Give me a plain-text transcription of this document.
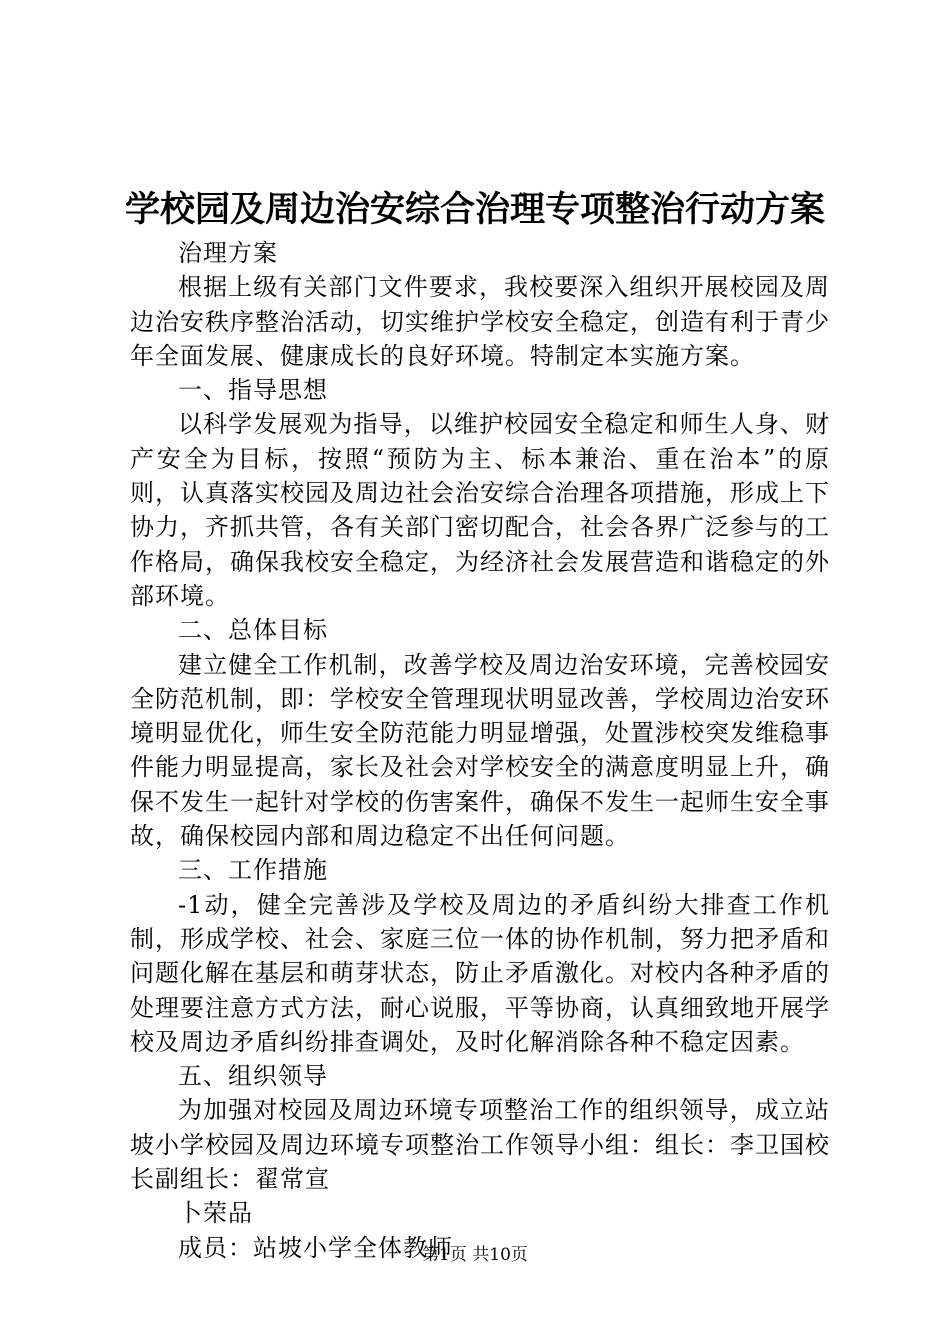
学校园及周边治安综合治理专项整治行动方案

治理方案

根据上级有关部门文件要求，我校要深入组织开展校园及周边治安秩序整治活动，切实维护学校安全稳定，创造有利于青少年全面发展、健康成长的良好环境。特制定本实施方案。

一、指导思想

以科学发展观为指导，以维护校园安全稳定和师生人身、财产安全为目标，按照“预防为主、标本兼治、重在治本”的原则，认真落实校园及周边社会治安综合治理各项措施，形成上下协力，齐抓共管，各有关部门密切配合，社会各界广泛参与的工作格局，确保我校安全稳定，为经济社会发展营造和谐稳定的外部环境。

二、总体目标

建立健全工作机制，改善学校及周边治安环境，完善校园安全防范机制，即：学校安全管理现状明显改善，学校周边治安环境明显优化，师生安全防范能力明显增强，处置涉校突发维稳事件能力明显提高，家长及社会对学校安全的满意度明显上升，确保不发生一起针对学校的伤害案件，确保不发生一起师生安全事故，确保校园内部和周边稳定不出任何问题。

三、工作措施

-1动，健全完善涉及学校及周边的矛盾纠纷大排查工作机制，形成学校、社会、家庭三位一体的协作机制，努力把矛盾和问题化解在基层和萌芽状态，防止矛盾激化。对校内各种矛盾的处理要注意方式方法，耐心说服，平等协商，认真细致地开展学校及周边矛盾纠纷排查调处，及时化解消除各种不稳定因素。

五、组织领导

为加强对校园及周边环境专项整治工作的组织领导，成立站坡小学校园及周边环境专项整治工作领导小组：组长：李卫国校长副组长：翟常宣

卜荣品

成员：站坡小学全体教师

第1页 共10页
